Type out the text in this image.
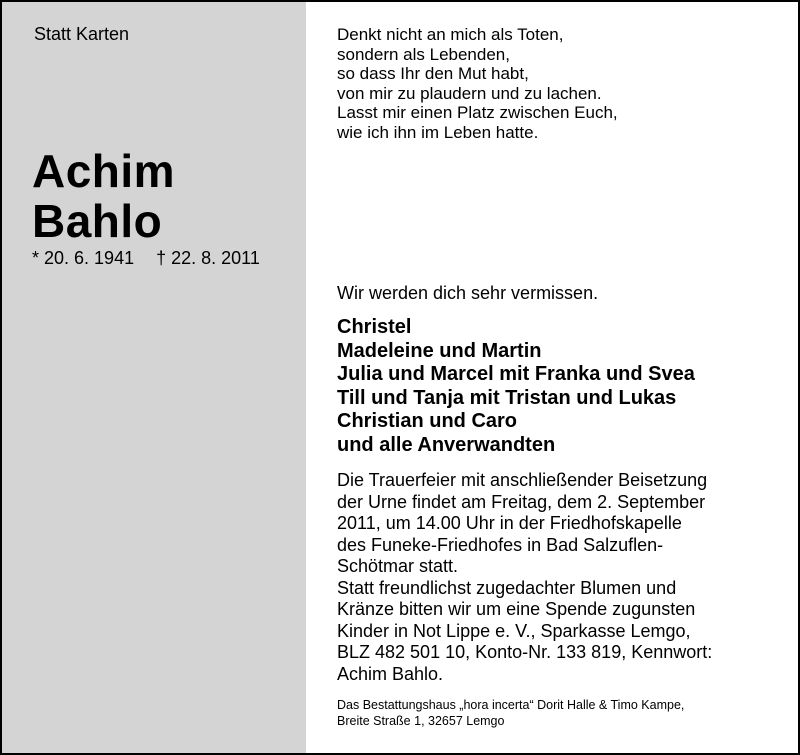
Statt Karten
Achim
Bahlo
* 20. 6. 1941 † 22. 8. 2011
Denkt nicht an mich als Toten,
sondern als Lebenden,
so dass Ihr den Mut habt,
von mir zu plaudern und zu lachen.
Lasst mir einen Platz zwischen Euch,
wie ich ihn im Leben hatte.
Wir werden dich sehr vermissen.
Christel
Madeleine und Martin
Julia und Marcel mit Franka und Svea
Till und Tanja mit Tristan und Lukas
Christian und Caro
und alle Anverwandten
Die Trauerfeier mit anschließender Beisetzung
der Urne findet am Freitag, dem 2. September
2011, um 14.00 Uhr in der Friedhofskapelle
des Funeke-Friedhofes in Bad Salzuflen-
Schötmar statt.
Statt freundlichst zugedachter Blumen und
Kränze bitten wir um eine Spende zugunsten
Kinder in Not Lippe e. V., Sparkasse Lemgo,
BLZ 482 501 10, Konto-Nr. 133 819, Kennwort:
Achim Bahlo.
Das Bestattungshaus „hora incerta“ Dorit Halle & Timo Kampe,
Breite Straße 1, 32657 Lemgo
